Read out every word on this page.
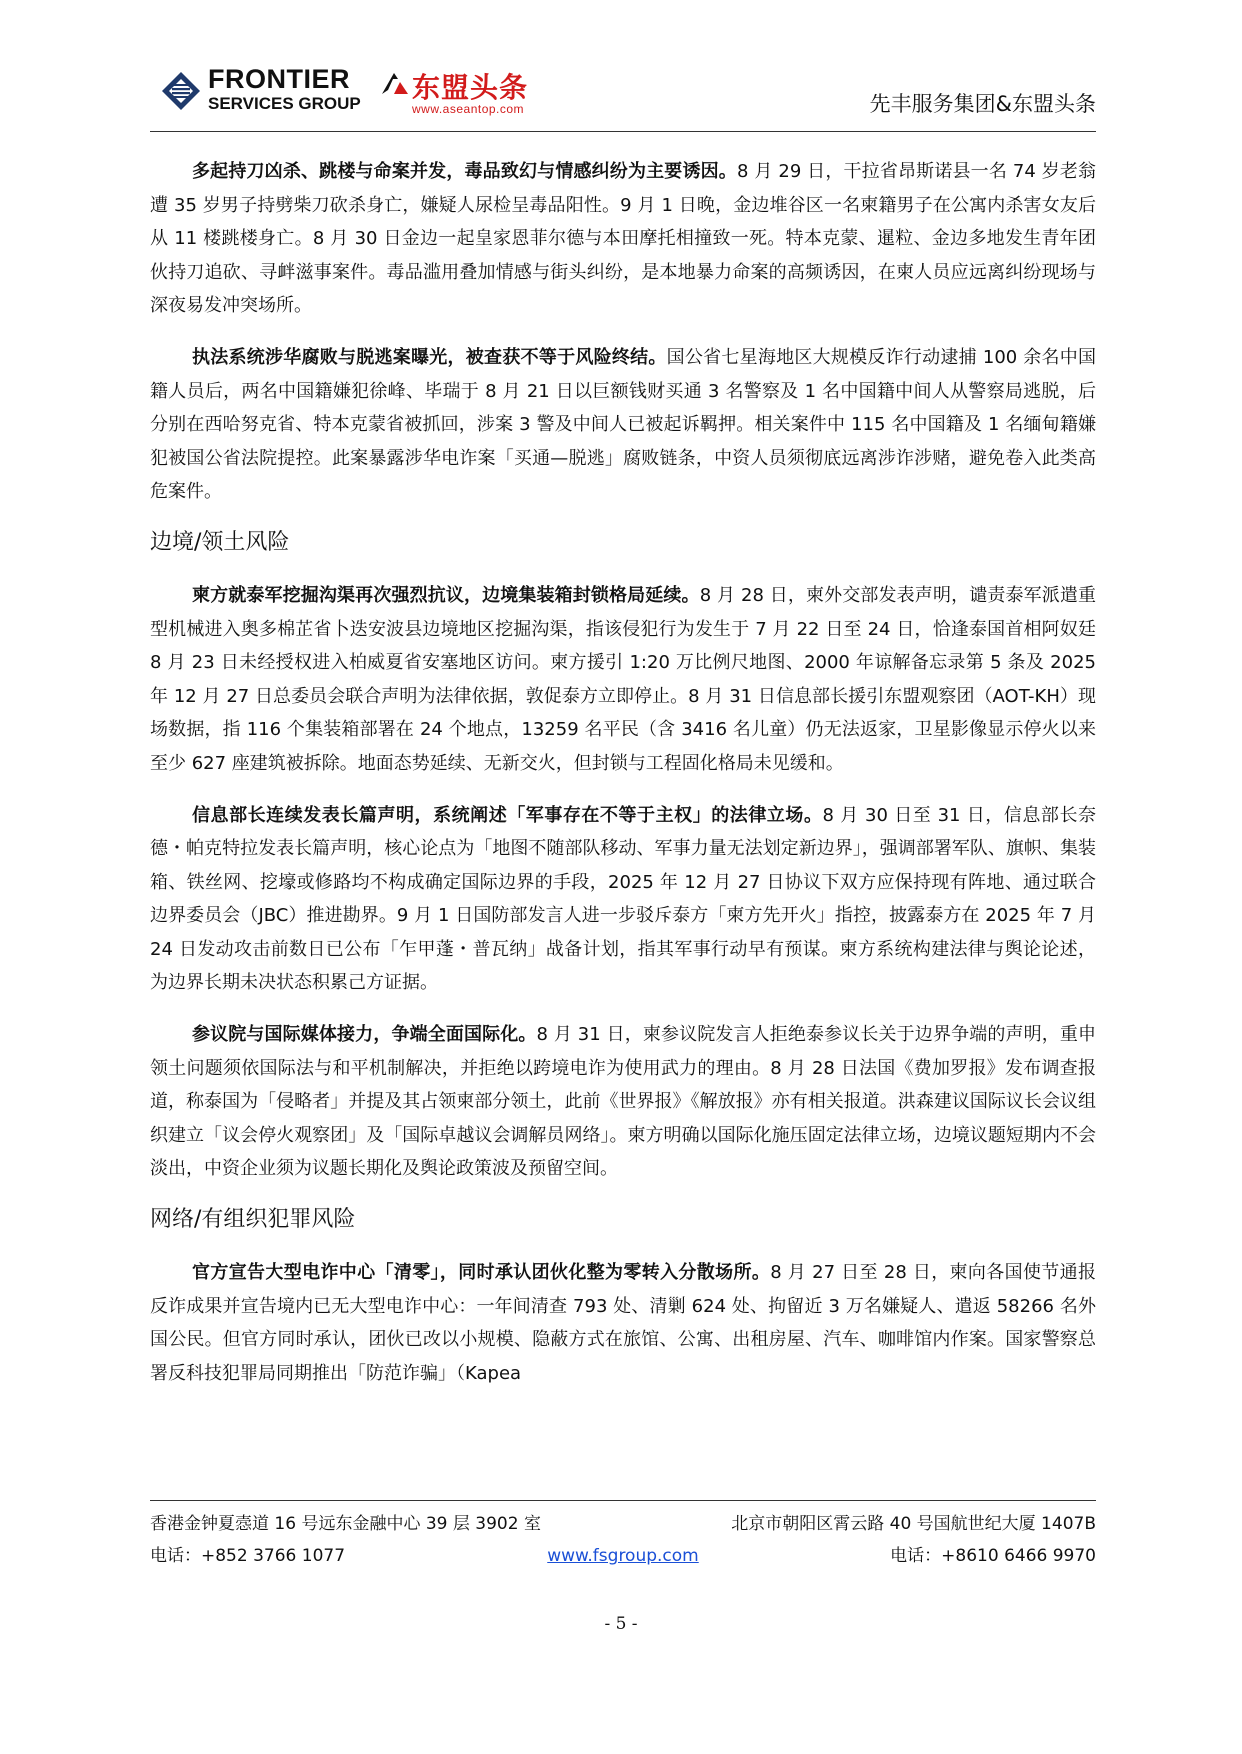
FRONTIER
SERVICES GROUP 东盟头条
www.aseantop.com	先丰服务集团&东盟头条

多起持刀凶杀、跳楼与命案并发，毒品致幻与情感纠纷为主要诱因。8 月 29 日，干拉省昂斯诺县一名 74 岁老翁遭 35 岁男子持劈柴刀砍杀身亡，嫌疑人尿检呈毒品阳性。9 月 1 日晚，金边堆谷区一名柬籍男子在公寓内杀害女友后从 11 楼跳楼身亡。8 月 30 日金边一起皇家恩菲尔德与本田摩托相撞致一死。特本克蒙、暹粒、金边多地发生青年团伙持刀追砍、寻衅滋事案件。毒品滥用叠加情感与街头纠纷，是本地暴力命案的高频诱因，在柬人员应远离纠纷现场与深夜易发冲突场所。

执法系统涉华腐败与脱逃案曝光，被查获不等于风险终结。国公省七星海地区大规模反诈行动逮捕 100 余名中国籍人员后，两名中国籍嫌犯徐峰、毕瑞于 8 月 21 日以巨额钱财买通 3 名警察及 1 名中国籍中间人从警察局逃脱，后分别在西哈努克省、特本克蒙省被抓回，涉案 3 警及中间人已被起诉羁押。相关案件中 115 名中国籍及 1 名缅甸籍嫌犯被国公省法院提控。此案暴露涉华电诈案「买通—脱逃」腐败链条，中资人员须彻底远离涉诈涉赌，避免卷入此类高危案件。

边境/领土风险

柬方就泰军挖掘沟渠再次强烈抗议，边境集装箱封锁格局延续。8 月 28 日，柬外交部发表声明，谴责泰军派遣重型机械进入奥多棉芷省卜迭安波县边境地区挖掘沟渠，指该侵犯行为发生于 7 月 22 日至 24 日，恰逢泰国首相阿奴廷 8 月 23 日未经授权进入柏威夏省安塞地区访问。柬方援引 1:20 万比例尺地图、2000 年谅解备忘录第 5 条及 2025 年 12 月 27 日总委员会联合声明为法律依据，敦促泰方立即停止。8 月 31 日信息部长援引东盟观察团（AOT-KH）现场数据，指 116 个集装箱部署在 24 个地点，13259 名平民（含 3416 名儿童）仍无法返家，卫星影像显示停火以来至少 627 座建筑被拆除。地面态势延续、无新交火，但封锁与工程固化格局未见缓和。

信息部长连续发表长篇声明，系统阐述「军事存在不等于主权」的法律立场。8 月 30 日至 31 日，信息部长奈德・帕克特拉发表长篇声明，核心论点为「地图不随部队移动、军事力量无法划定新边界」，强调部署军队、旗帜、集装箱、铁丝网、挖壕或修路均不构成确定国际边界的手段，2025 年 12 月 27 日协议下双方应保持现有阵地、通过联合边界委员会（JBC）推进勘界。9 月 1 日国防部发言人进一步驳斥泰方「柬方先开火」指控，披露泰方在 2025 年 7 月 24 日发动攻击前数日已公布「乍甲蓬・普瓦纳」战备计划，指其军事行动早有预谋。柬方系统构建法律与舆论论述，为边界长期未决状态积累己方证据。

参议院与国际媒体接力，争端全面国际化。8 月 31 日，柬参议院发言人拒绝泰参议长关于边界争端的声明，重申领土问题须依国际法与和平机制解决，并拒绝以跨境电诈为使用武力的理由。8 月 28 日法国《费加罗报》发布调查报道，称泰国为「侵略者」并提及其占领柬部分领土，此前《世界报》《解放报》亦有相关报道。洪森建议国际议长会议组织建立「议会停火观察团」及「国际卓越议会调解员网络」。柬方明确以国际化施压固定法律立场，边境议题短期内不会淡出，中资企业须为议题长期化及舆论政策波及预留空间。

网络/有组织犯罪风险

官方宣告大型电诈中心「清零」，同时承认团伙化整为零转入分散场所。8 月 27 日至 28 日，柬向各国使节通报反诈成果并宣告境内已无大型电诈中心：一年间清查 793 处、清剿 624 处、拘留近 3 万名嫌疑人、遣返 58266 名外国公民。但官方同时承认，团伙已改以小规模、隐蔽方式在旅馆、公寓、出租房屋、汽车、咖啡馆内作案。国家警察总署反科技犯罪局同期推出「防范诈骗」（Kapea

香港金钟夏悫道 16 号远东金融中心 39 层 3902 室	北京市朝阳区霄云路 40 号国航世纪大厦 1407B
电话：+852 3766 1077	www.fsgroup.com	电话：+8610 6466 9970
- 5 -
